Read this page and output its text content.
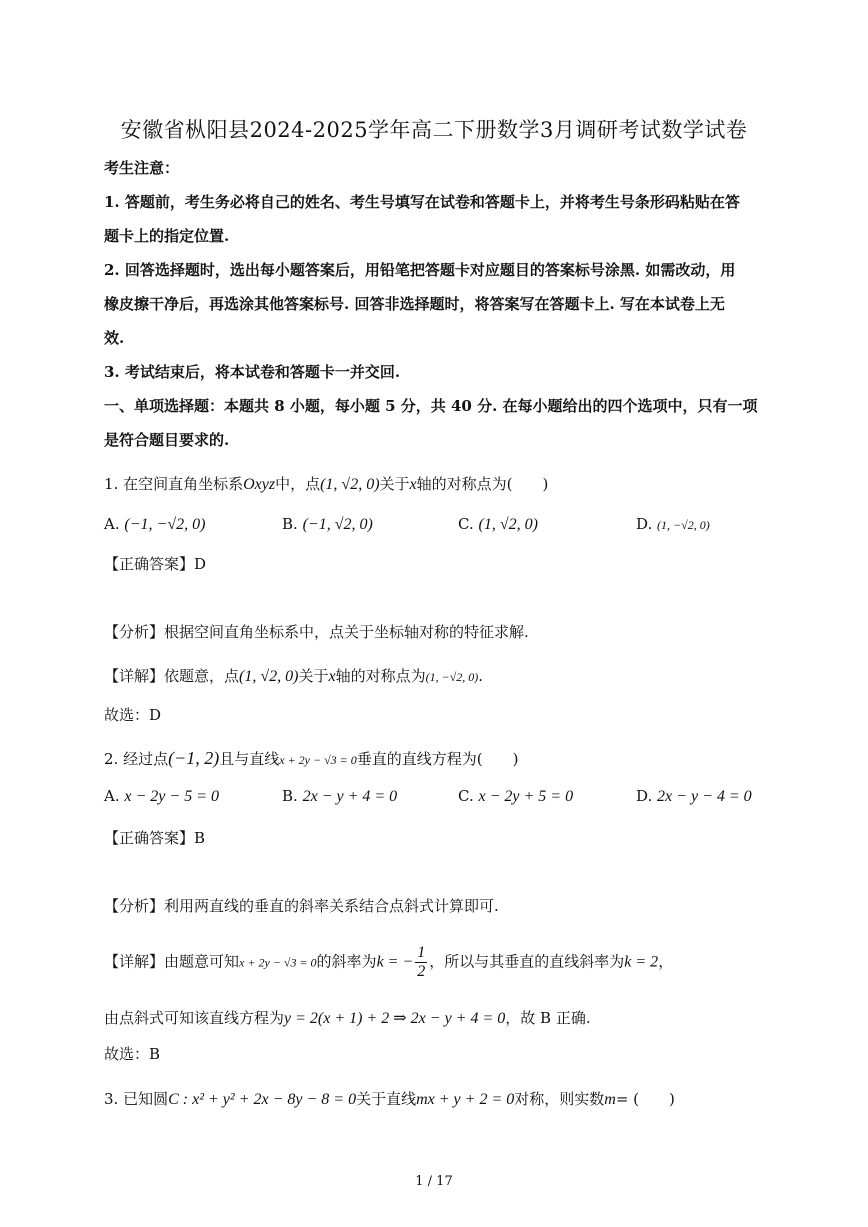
安徽省枞阳县2024-2025学年高二下册数学3月调研考试数学试卷
考生注意：
1. 答题前，考生务必将自己的姓名、考生号填写在试卷和答题卡上，并将考生号条形码粘贴在答
题卡上的指定位置.
2. 回答选择题时，选出每小题答案后，用铅笔把答题卡对应题目的答案标号涂黑. 如需改动，用
橡皮擦干净后，再选涂其他答案标号. 回答非选择题时，将答案写在答题卡上. 写在本试卷上无
效.
3. 考试结束后，将本试卷和答题卡一并交回.
一、单项选择题：本题共 8 小题，每小题 5 分，共 40 分. 在每小题给出的四个选项中，只有一项
是符合题目要求的.
1. 在空间直角坐标系Oxyz中，点(1, √2, 0)关于x轴的对称点为(　　)
A. (−1, −√2, 0)	B. (−1, √2, 0)	C. (1, √2, 0)	D. (1, −√2, 0)
【正确答案】D
【分析】根据空间直角坐标系中，点关于坐标轴对称的特征求解.
【详解】依题意，点(1, √2, 0)关于x轴的对称点为(1, −√2, 0).
故选：D
2. 经过点(−1, 2)且与直线x + 2y − √3 = 0垂直的直线方程为(　　)
A. x − 2y − 5 = 0	B. 2x − y + 4 = 0	C. x − 2y + 5 = 0	D. 2x − y − 4 = 0
【正确答案】B
【分析】利用两直线的垂直的斜率关系结合点斜式计算即可.
【详解】由题意可知x + 2y − √3 = 0的斜率为k = − $\frac{1}{2}$ ，所以与其垂直的直线斜率为k = 2，
由点斜式可知该直线方程为y = 2(x + 1) + 2 ⇒ 2x − y + 4 = 0，故 B 正确.
故选：B
3. 已知圆C : x² + y² + 2x − 8y − 8 = 0关于直线mx + y + 2 = 0对称，则实数m= (　　)
1 / 17
